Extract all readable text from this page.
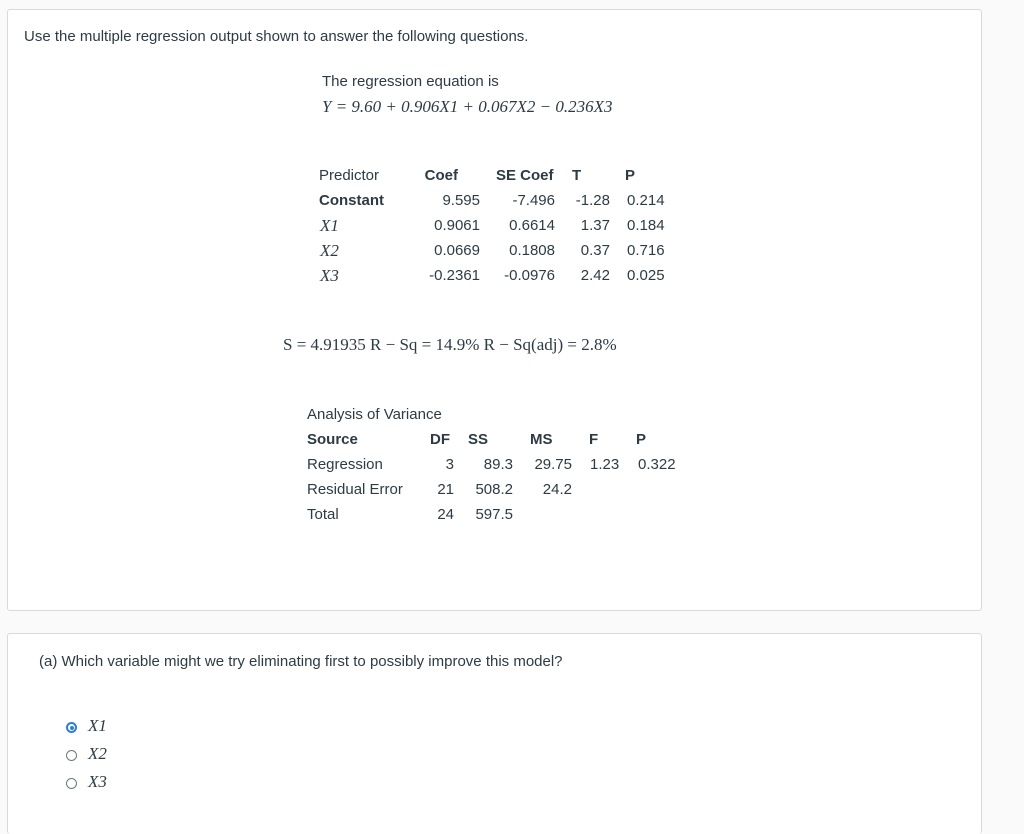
Use the multiple regression output shown to answer the following questions.
The regression equation is
Y = 9.60 + 0.906X1 + 0.067X2 − 0.236X3
Predictor	Coef	SE Coef T	P
Constant	9.595	-7.496	-1.28 0.214
X1	0.9061	0.6614	1.37 0.184
X2	0.0669	0.1808	0.37 0.716
X3	-0.2361	-0.0976	2.42 0.025
S = 4.91935 R − Sq = 14.9% R − Sq(adj) = 2.8%
Analysis of Variance
Source	DF SS	MS F	P
Regression	3	89.3	29.75 1.23 0.322
Residual Error	21	508.2	24.2
Total	24	597.5
(a) Which variable might we try eliminating first to possibly improve this model?
X1
X2
X3
